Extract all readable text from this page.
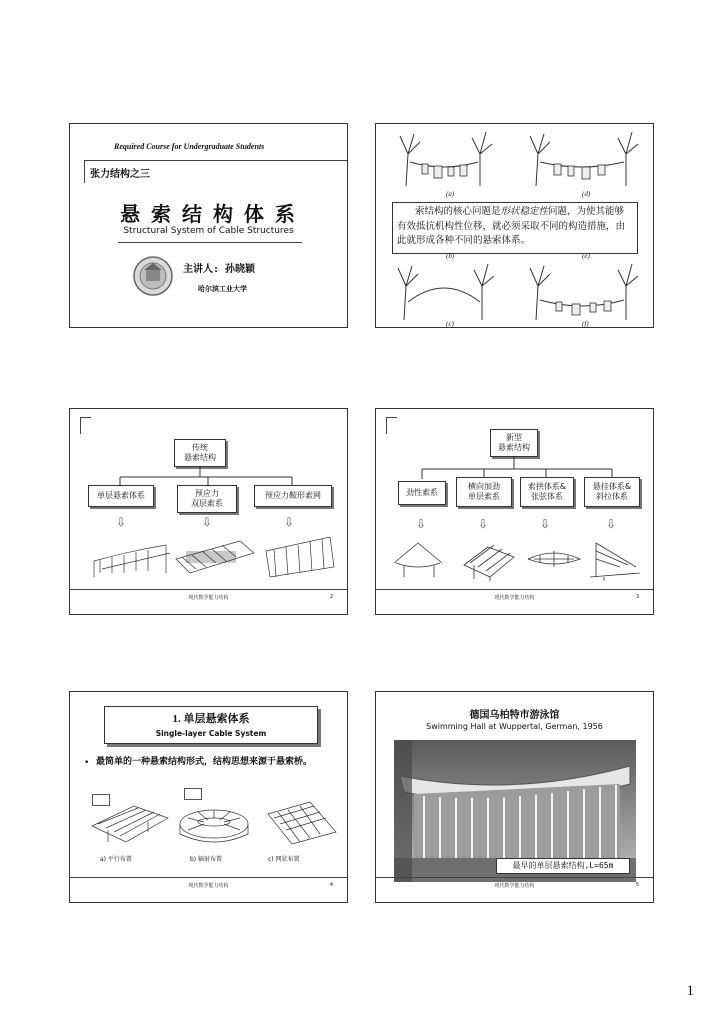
Required Course for Undergraduate Students
张力结构之三
悬 索 结 构 体 系
Structural System of Cable Structures
主讲人: 孙晓颖
哈尔滨工业大学
(a)	(d)
索结构的核心问题是形状稳定性问题，为使其能够有效抵抗机构性位移，就必须采取不同的构造措施，由此就形成各种不同的悬索体系。
(b)	(e)
(c)	(f)
传统
悬索结构
单层悬索体系	预应力
双层索系
预应力鞍形索网
⇩	⇩	⇩
现代数学能力结构	2
新型
悬索结构
劲性索系
横向加劲
单层索系
索拱体系&
张弦体系
悬挂体系&
斜拉体系
⇩	⇩	⇩	⇩
现代数学能力结构	3
1. 单层悬索体系
Single-layer Cable System
• 最简单的一种悬索结构形式，结构思想来源于悬索桥。
a) 平行布置	b) 辐射布置	c) 网状布置
现代数学能力结构	4
德国乌柏特市游泳馆
Swimming Hall at Wuppertal, German, 1956
最早的单层悬索结构,L=65m
现代数学能力结构	5
1
